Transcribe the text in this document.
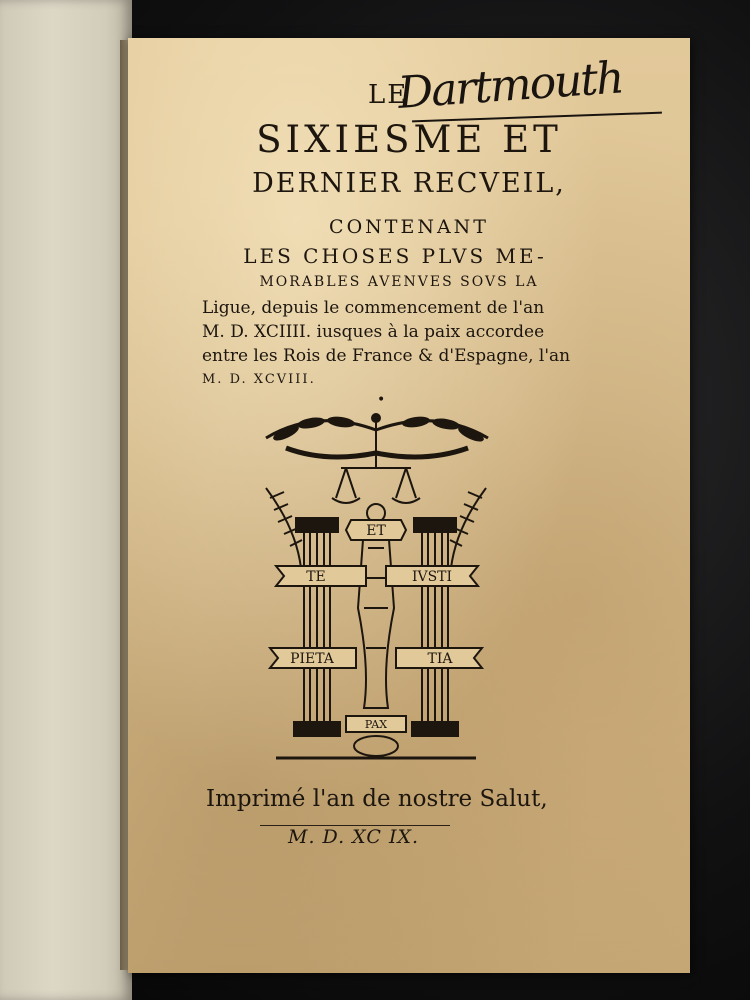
Dartmouth
LE
SIXIESME ET
DERNIER RECVEIL,
CONTENANT
LES CHOSES PLVS ME-
MORABLES AVENVES SOVS LA
Ligue, depuis le commencement de l'an
M. D. XCIIII. iusques à la paix accordee
entre les Rois de France & d'Espagne, l'an
M. D. XCVIII.
•
ET
TE	IVSTI
PIETA	TIA
PAX
Imprimé l'an de nostre Salut,
M. D. XC IX.
